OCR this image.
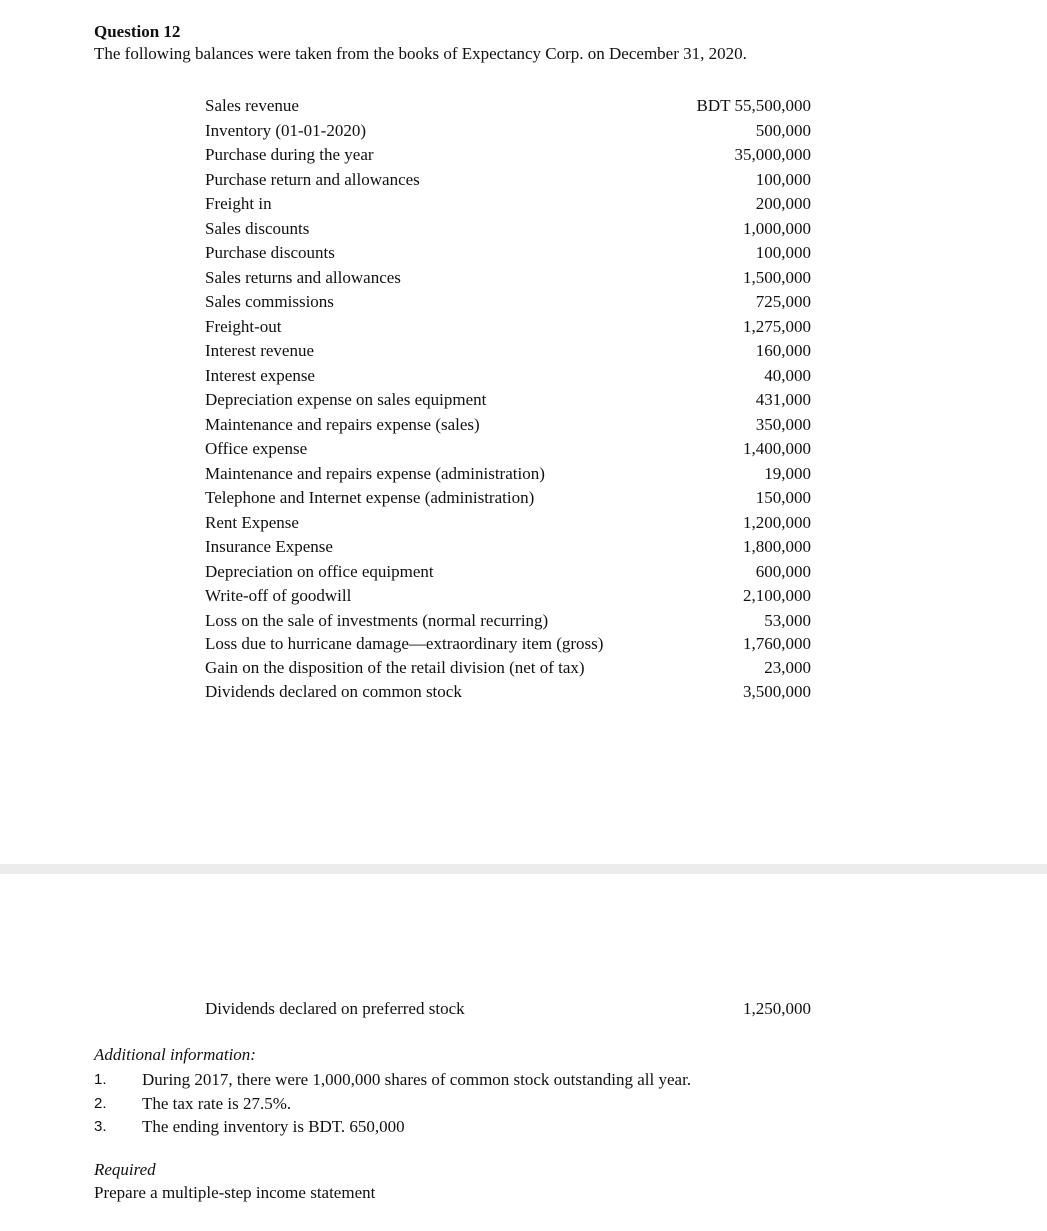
Question 12
The following balances were taken from the books of Expectancy Corp. on December 31, 2020.
Sales revenue	BDT 55,500,000
Inventory (01-01-2020)	500,000
Purchase during the year	35,000,000
Purchase return and allowances	100,000
Freight in	200,000
Sales discounts	1,000,000
Purchase discounts	100,000
Sales returns and allowances	1,500,000
Sales commissions	725,000
Freight-out	1,275,000
Interest revenue	160,000
Interest expense	40,000
Depreciation expense on sales equipment	431,000
Maintenance and repairs expense (sales)	350,000
Office expense	1,400,000
Maintenance and repairs expense (administration)	19,000
Telephone and Internet expense (administration)	150,000
Rent Expense	1,200,000
Insurance Expense	1,800,000
Depreciation on office equipment	600,000
Write-off of goodwill	2,100,000
Loss on the sale of investments (normal recurring)	53,000
Loss due to hurricane damage—extraordinary item (gross)	1,760,000
Gain on the disposition of the retail division (net of tax)	23,000
Dividends declared on common stock	3,500,000
Dividends declared on preferred stock	1,250,000
Additional information:
1.	During 2017, there were 1,000,000 shares of common stock outstanding all year.
2.	The tax rate is 27.5%.
3.	The ending inventory is BDT. 650,000
Required
Prepare a multiple-step income statement
